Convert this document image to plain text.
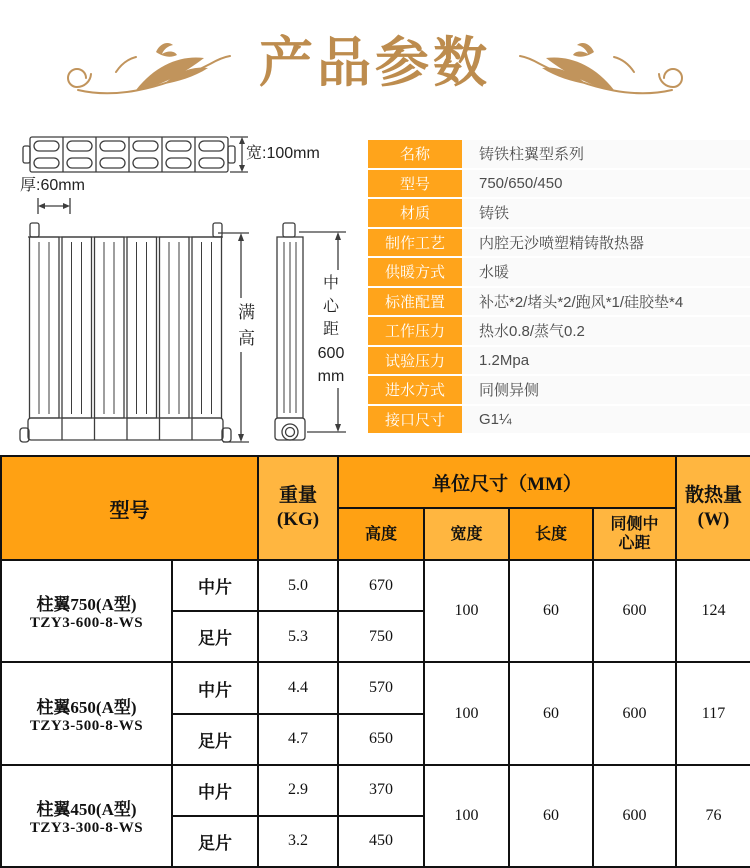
产品参数
宽:100mm
厚:60mm
满高
中 心 距 600 mm
名称	铸铁柱翼型系列
型号	750/650/450
材质	铸铁
制作工艺	内腔无沙喷塑精铸散热器
供暖方式	水暖
标准配置	补芯*2/堵头*2/跑风*1/硅胶垫*4
工作压力	热水0.8/蒸气0.2
试验压力	1.2Mpa
进水方式	同侧异侧
接口尺寸	G1¼
型号	
重量
(KG)
	单位尺寸（MM）	
散热量
(W)

			高度	宽度	长度	同侧中心距	

柱翼750(A型)
TZY3-600-8-WS	中片	5.0	670	100	60	600	124
	足片	5.3	750				

柱翼650(A型)
TZY3-500-8-WS	中片	4.4	570	100	60	600	117
	足片	4.7	650				

柱翼450(A型)
TZY3-300-8-WS	中片	2.9	370	100	60	600	76
	足片	3.2	450				
